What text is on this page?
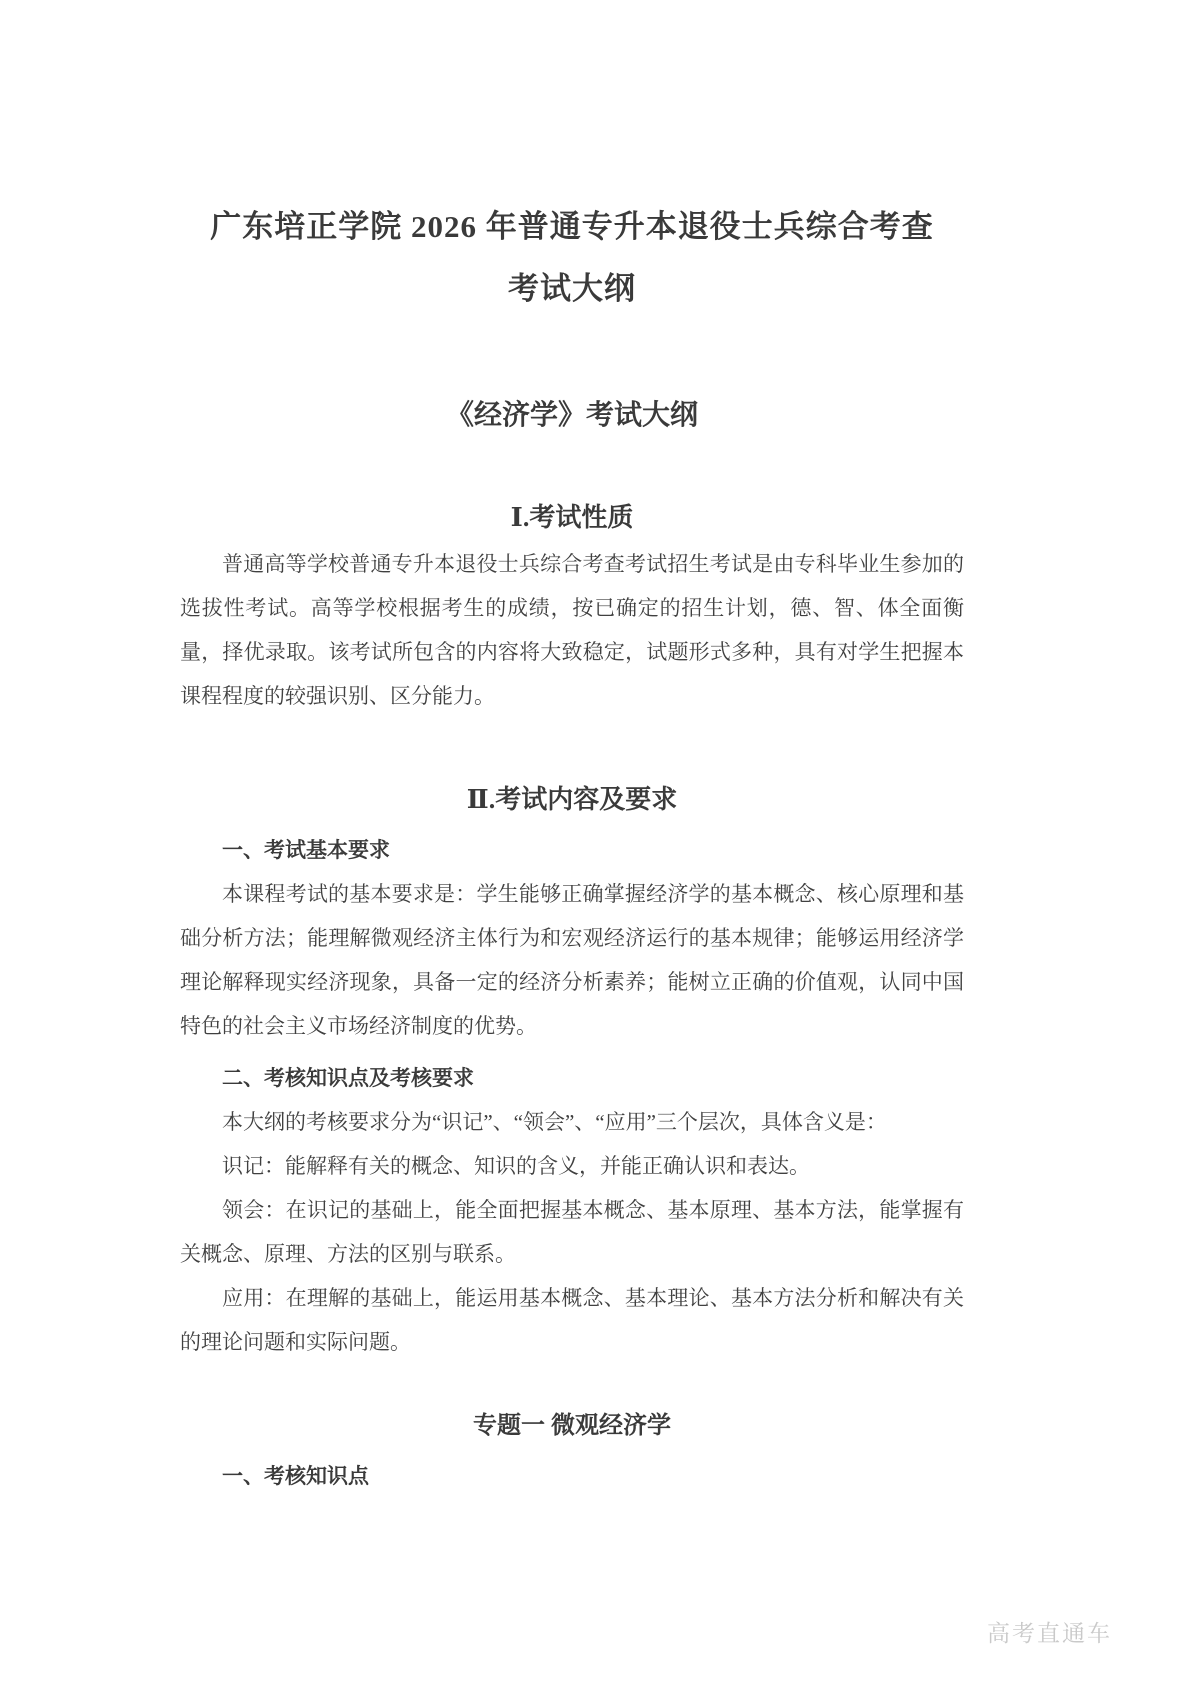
广东培正学院 2026 年普通专升本退役士兵综合考查
考试大纲
《经济学》考试大纲
Ⅰ.考试性质

普通高等学校普通专升本退役士兵综合考查考试招生考试是由专科毕业生参加的选拔性考试。高等学校根据考生的成绩，按已确定的招生计划，德、智、体全面衡量，择优录取。该考试所包含的内容将大致稳定，试题形式多种，具有对学生把握本课程程度的较强识别、区分能力。

Ⅱ.考试内容及要求
一、考试基本要求

本课程考试的基本要求是：学生能够正确掌握经济学的基本概念、核心原理和基础分析方法；能理解微观经济主体行为和宏观经济运行的基本规律；能够运用经济学理论解释现实经济现象，具备一定的经济分析素养；能树立正确的价值观，认同中国特色的社会主义市场经济制度的优势。

二、考核知识点及考核要求

本大纲的考核要求分为“识记”、“领会”、“应用”三个层次，具体含义是：

识记：能解释有关的概念、知识的含义，并能正确认识和表达。

领会：在识记的基础上，能全面把握基本概念、基本原理、基本方法，能掌握有关概念、原理、方法的区别与联系。

应用：在理解的基础上，能运用基本概念、基本理论、基本方法分析和解决有关的理论问题和实际问题。

专题一 微观经济学
一、考核知识点
高考直通车
